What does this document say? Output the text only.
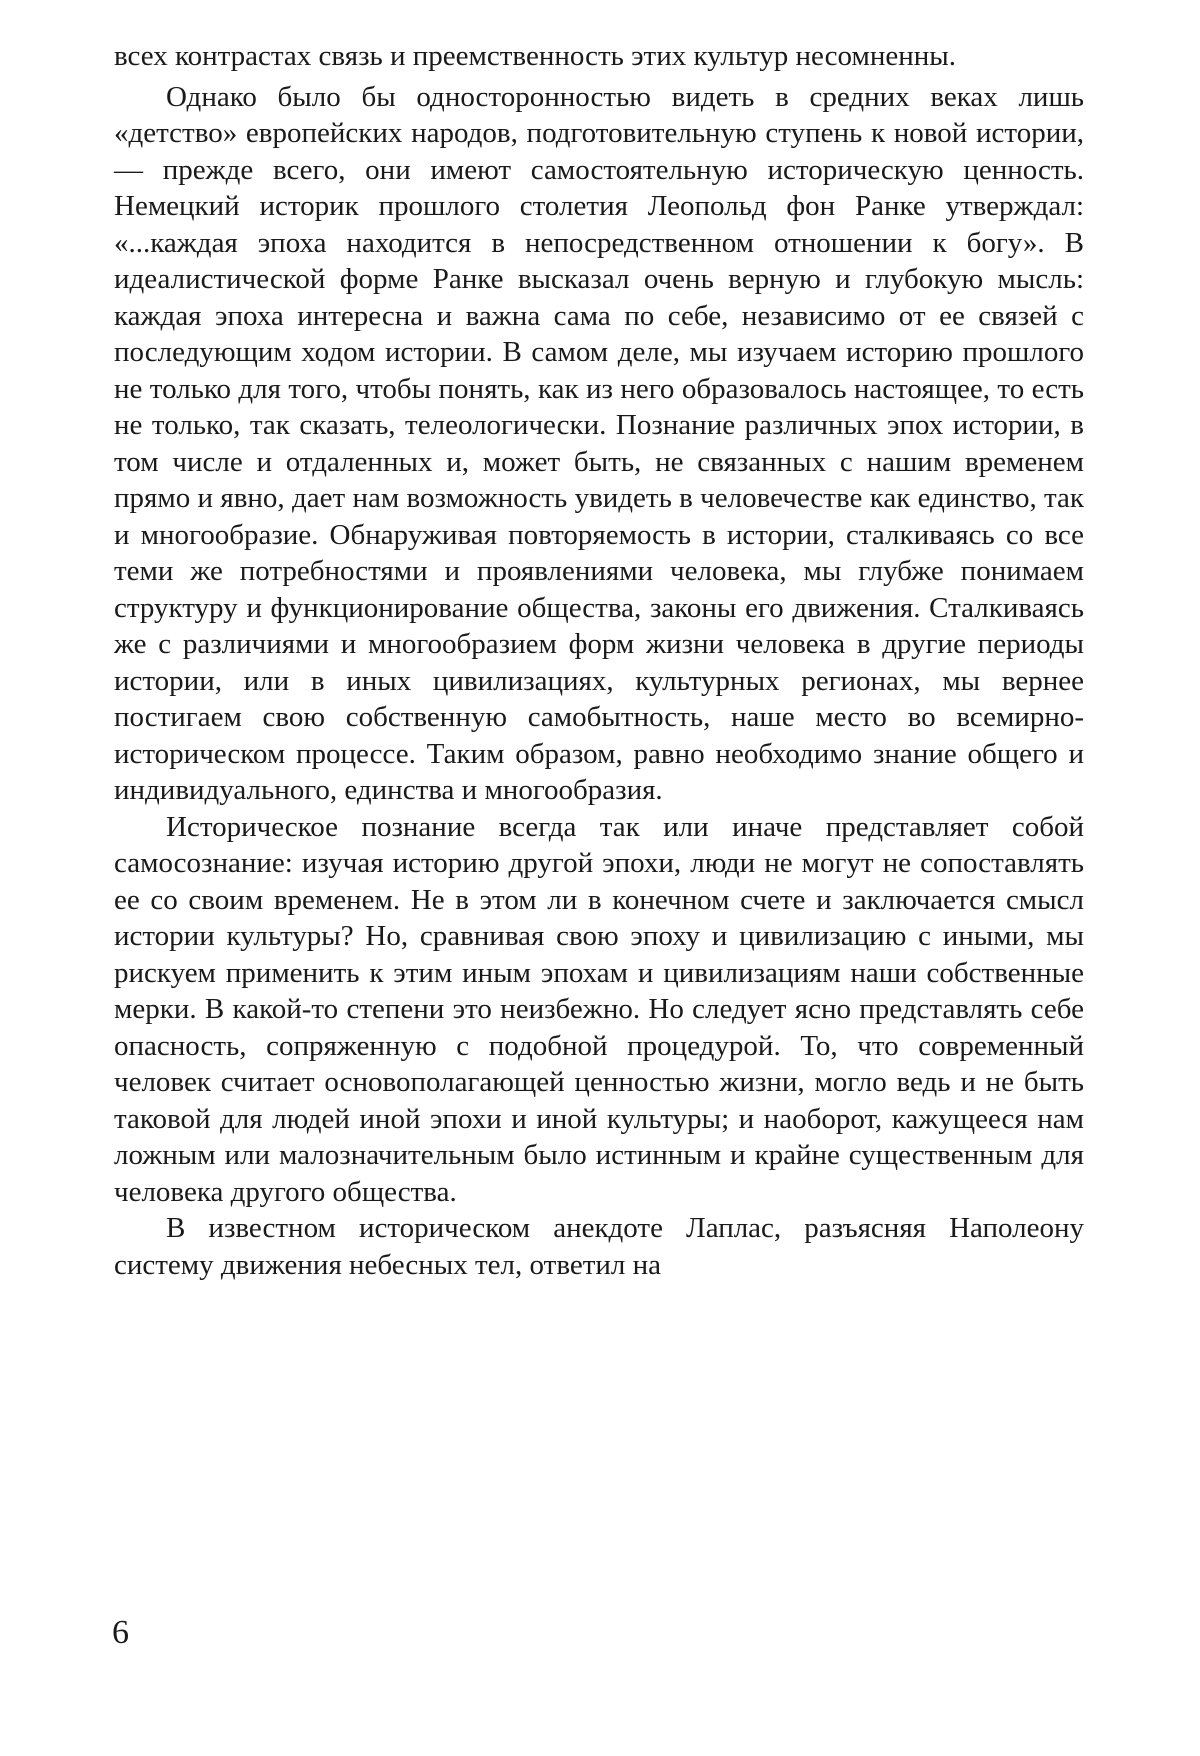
всех контрастах связь и преемственность этих культур несомненны.

Однако было бы односторонностью видеть в средних веках лишь «детство» европейских народов, подготовительную ступень к новой истории,— прежде всего, они имеют самостоятельную историческую ценность. Немецкий историк прошлого столетия Леопольд фон Ранке утверждал: «...каждая эпоха находится в непосредственном отношении к богу». В идеалистической форме Ранке высказал очень верную и глубокую мысль: каждая эпоха интересна и важна сама по себе, независимо от ее связей с последующим ходом истории. В самом деле, мы изучаем историю прошлого не только для того, чтобы понять, как из него образовалось настоящее, то есть не только, так сказать, телеологически. Познание различных эпох истории, в том числе и отдаленных и, может быть, не связанных с нашим временем прямо и явно, дает нам возможность увидеть в человечестве как единство, так и многообразие. Обнаруживая повторяемость в истории, сталкиваясь со все теми же потребностями и проявлениями человека, мы глубже понимаем структуру и функционирование общества, законы его движения. Сталкиваясь же с различиями и многообразием форм жизни человека в другие периоды истории, или в иных цивилизациях, культурных регионах, мы вернее постигаем свою собственную самобытность, наше место во всемирно-историческом процессе. Таким образом, равно необходимо знание общего и индивидуального, единства и многообразия.

Историческое познание всегда так или иначе представляет собой самосознание: изучая историю другой эпохи, люди не могут не сопоставлять ее со своим временем. Не в этом ли в конечном счете и заключается смысл истории культуры? Но, сравнивая свою эпоху и цивилизацию с иными, мы рискуем применить к этим иным эпохам и цивилизациям наши собственные мерки. В какой-то степени это неизбежно. Но следует ясно представлять себе опасность, сопряженную с подобной процедурой. То, что современный человек считает основополагающей ценностью жизни, могло ведь и не быть таковой для людей иной эпохи и иной культуры; и наоборот, кажущееся нам ложным или малозначительным было истинным и крайне существенным для человека другого общества.

В известном историческом анекдоте Лаплас, разъясняя Наполеону систему движения небесных тел, ответил на

6
